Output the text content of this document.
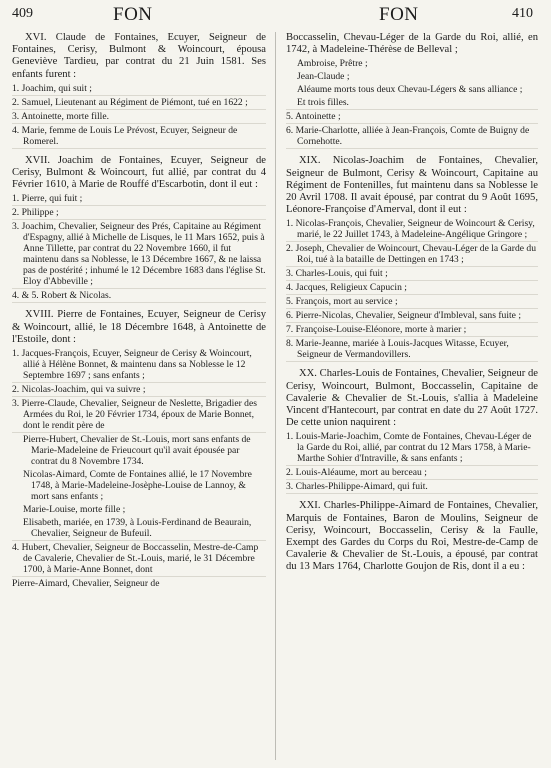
409	FON	FON	410

XVI. Claude de Fontaines, Ecuyer, Seigneur de Fontaines, Cerisy, Bulmont & Woincourt, épousa Geneviève Tardieu, par contrat du 21 Juin 1581. Ses enfants furent :

1. Joachim, qui suit ;
2. Samuel, Lieutenant au Régiment de Piémont, tué en 1622 ;
3. Antoinette, morte fille.
4. Marie, femme de Louis Le Prévost, Ecuyer, Seigneur de Romerel.

XVII. Joachim de Fontaines, Ecuyer, Seigneur de Cerisy, Bulmont & Woincourt, fut allié, par contrat du 4 Février 1610, à Marie de Rouffé d'Escarbotin, dont il eut :

1. Pierre, qui fuit ;
2. Philippe ;
3. Joachim, Chevalier, Seigneur des Prés, Capitaine au Régiment d'Espagny, allié à Michelle de Lisques, le 11 Mars 1652, puis à Anne Tillette, par contrat du 22 Novembre 1660, il fut maintenu dans sa Noblesse, le 13 Décembre 1667, & ne laissa pas de postérité ; inhumé le 12 Décembre 1683 dans l'église St. Eloy d'Abbeville ;
4. & 5. Robert & Nicolas.

XVIII. Pierre de Fontaines, Ecuyer, Seigneur de Cerisy & Woincourt, allié, le 18 Décembre 1648, à Antoinette de l'Estoile, dont :

1. Jacques-François, Ecuyer, Seigneur de Cerisy & Woincourt, allié à Hélène Bonnet, & maintenu dans sa Noblesse le 12 Septembre 1697 ; sans enfants ;
2. Nicolas-Joachim, qui va suivre ;
3. Pierre-Claude, Chevalier, Seigneur de Neslette, Brigadier des Armées du Roi, le 20 Février 1734, époux de Marie Bonnet, dont le rendit père de
Pierre-Hubert, Chevalier de St.-Louis, mort sans enfants de Marie-Madeleine de Frieucourt qu'il avait épousée par contrat du 8 Novembre 1734.
Nicolas-Aimard, Comte de Fontaines allié, le 17 Novembre 1748, à Marie-Madeleine-Josèphe-Louise de Lannoy, & mort sans enfants ;
Marie-Louise, morte fille ;
Elisabeth, mariée, en 1739, à Louis-Ferdinand de Beaurain, Chevalier, Seigneur de Bufeuil.
4. Hubert, Chevalier, Seigneur de Boccasselin, Mestre-de-Camp de Cavalerie, Chevalier de St.-Louis, marié, le 31 Décembre 1700, à Marie-Anne Bonnet, dont
Pierre-Aimard, Chevalier, Seigneur de

Boccasselin, Chevau-Léger de la Garde du Roi, allié, en 1742, à Madeleine-Thérèse de Belleval ;

Ambroise, Prêtre ;
Jean-Claude ;
Aléaume morts tous deux Chevau-Légers & sans alliance ;
Et trois filles.
5. Antoinette ;
6. Marie-Charlotte, alliée à Jean-François, Comte de Buigny de Cornehotte.

XIX. Nicolas-Joachim de Fontaines, Chevalier, Seigneur de Bulmont, Cerisy & Woincourt, Capitaine au Régiment de Fontenilles, fut maintenu dans sa Noblesse le 20 Avril 1708. Il avait épousé, par contrat du 9 Août 1695, Léonore-Françoise d'Amerval, dont il eut :

1. Nicolas-François, Chevalier, Seigneur de Woincourt & Cerisy, marié, le 22 Juillet 1743, à Madeleine-Angélique Gringore ;
2. Joseph, Chevalier de Woincourt, Chevau-Léger de la Garde du Roi, tué à la bataille de Dettingen en 1743 ;
3. Charles-Louis, qui fuit ;
4. Jacques, Religieux Capucin ;
5. François, mort au service ;
6. Pierre-Nicolas, Chevalier, Seigneur d'Imbleval, sans fuite ;
7. Françoise-Louise-Eléonore, morte à marier ;
8. Marie-Jeanne, mariée à Louis-Jacques Witasse, Ecuyer, Seigneur de Vermandovillers.

XX. Charles-Louis de Fontaines, Chevalier, Seigneur de Cerisy, Woincourt, Bulmont, Boccasselin, Capitaine de Cavalerie & Chevalier de St.-Louis, s'allia à Madeleine Vincent d'Hantecourt, par contrat en date du 27 Août 1727. De cette union naquirent :

1. Louis-Marie-Joachim, Comte de Fontaines, Chevau-Léger de la Garde du Roi, allié, par contrat du 12 Mars 1758, à Marie-Marthe Sohier d'Intraville, & sans enfants ;
2. Louis-Aléaume, mort au berceau ;
3. Charles-Philippe-Aimard, qui fuit.

XXI. Charles-Philippe-Aimard de Fontaines, Chevalier, Marquis de Fontaines, Baron de Moulins, Seigneur de Cerisy, Woincourt, Boccasselin, Cerisy & la Faulle, Exempt des Gardes du Corps du Roi, Mestre-de-Camp de Cavalerie & Chevalier de St.-Louis, a épousé, par contrat du 13 Mars 1764, Charlotte Goujon de Ris, dont il a eu :
